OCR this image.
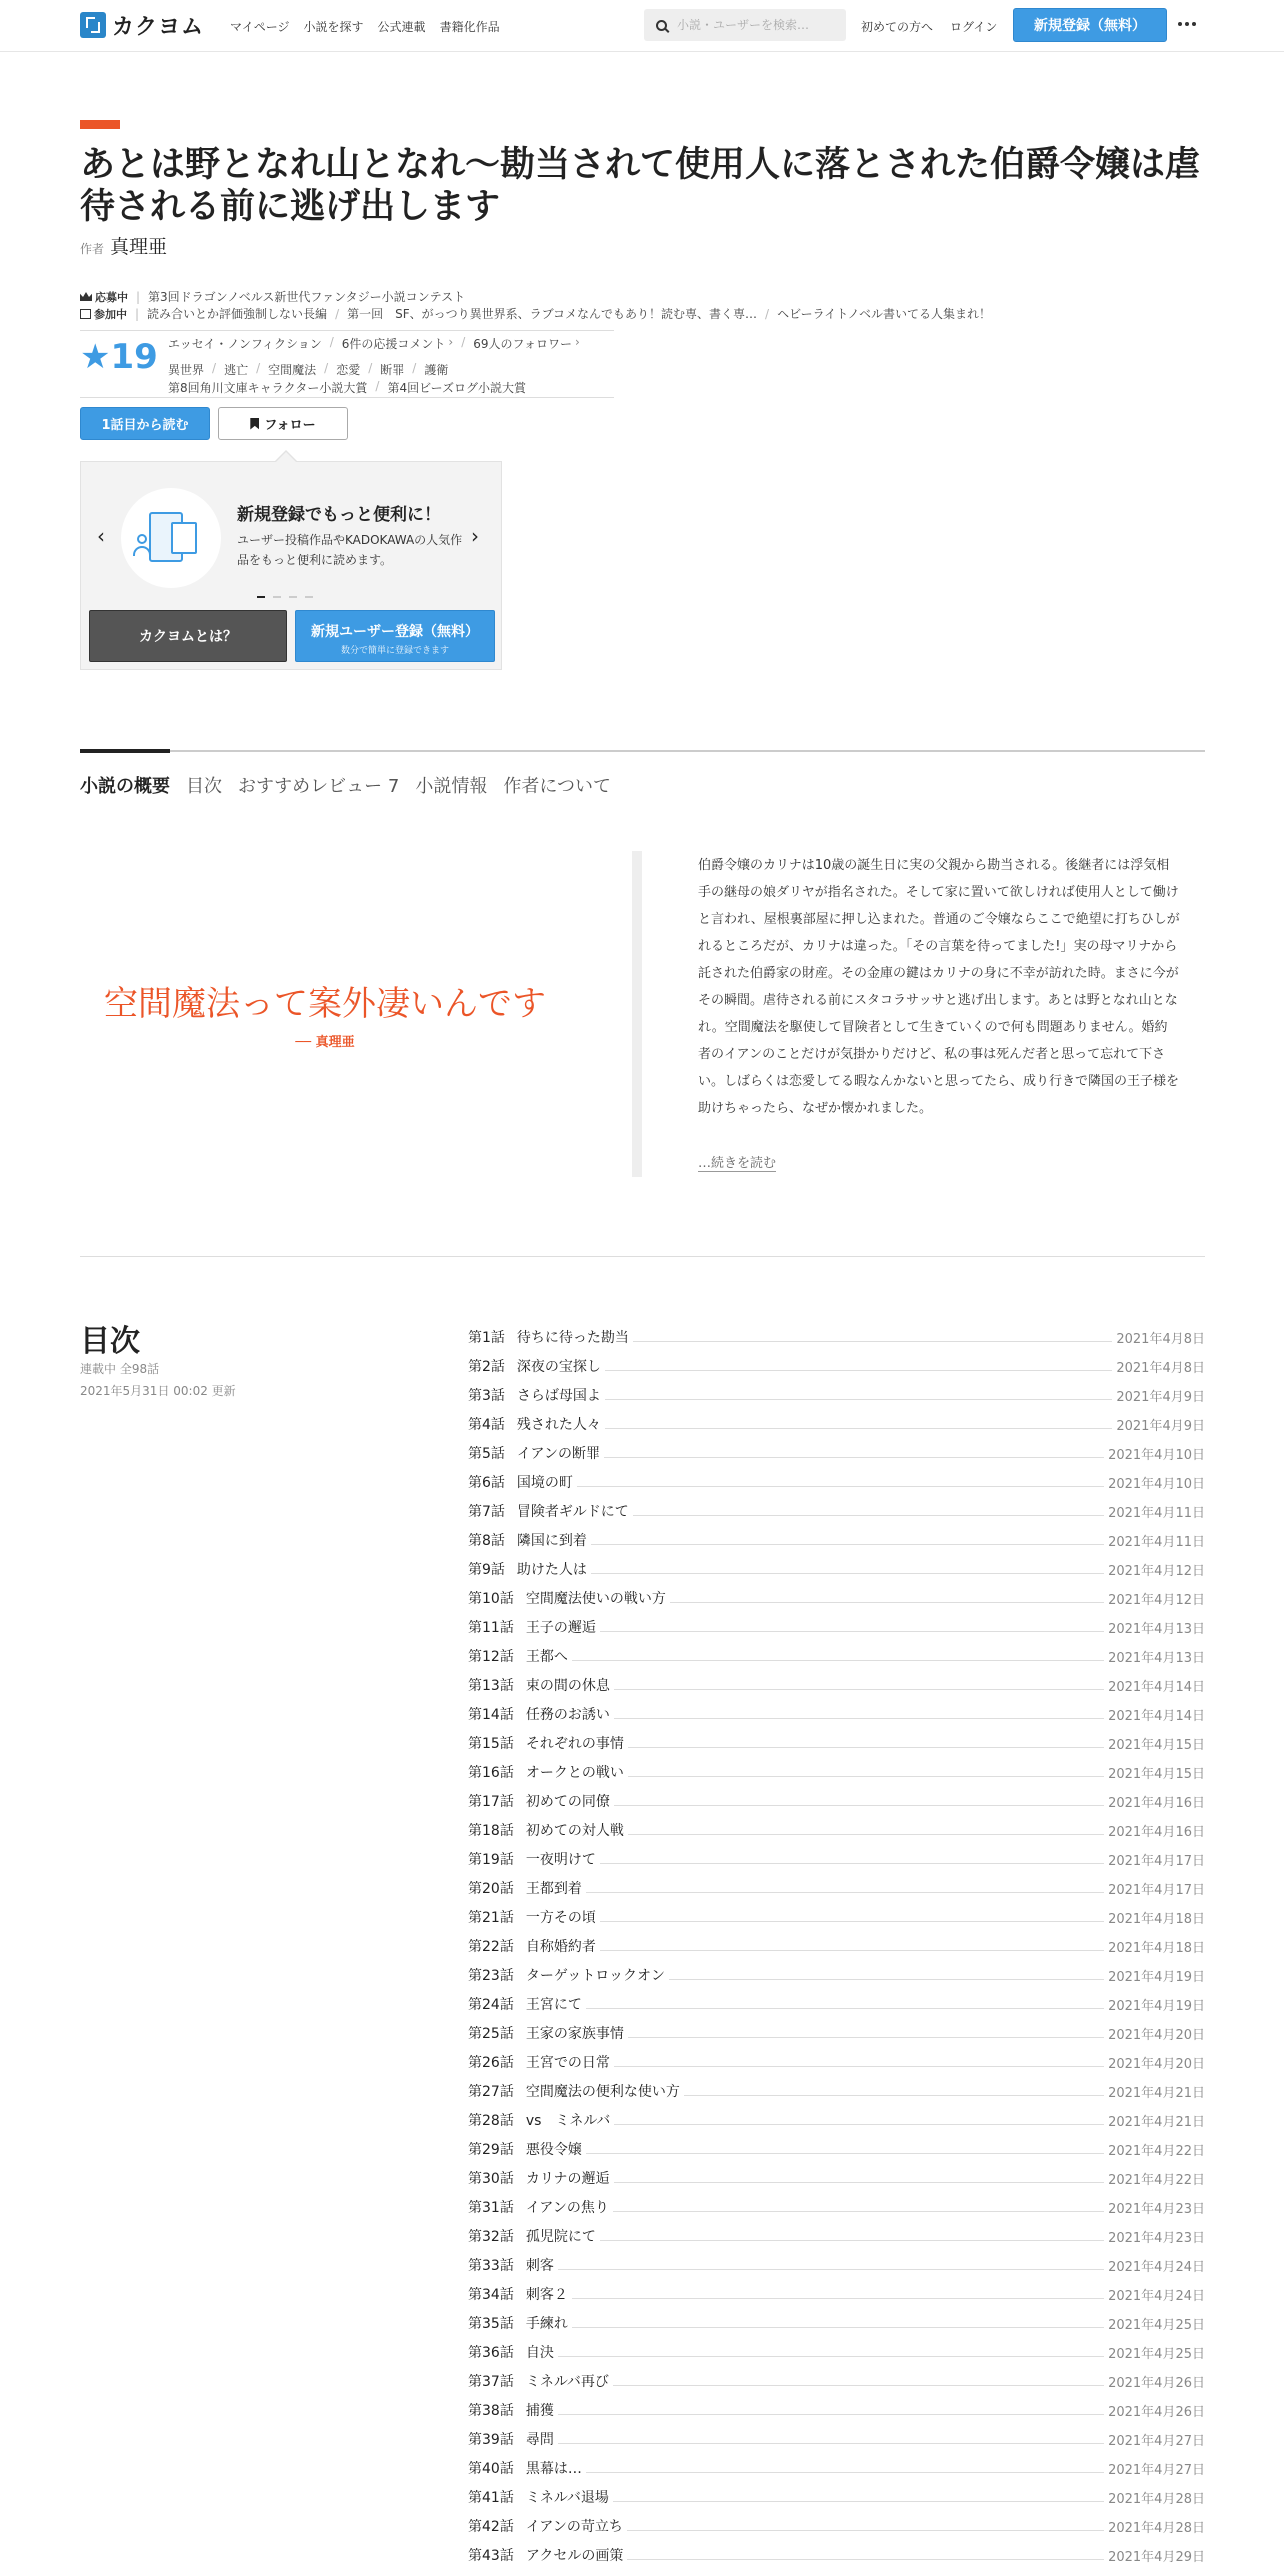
カクヨム マイページ 小説を探す 公式連載 書籍化作品
小説・ユーザーを検索…	初めての方へ ログイン	新規登録（無料）
あとは野となれ山となれ～勘当されて使用人に落とされた伯爵令嬢は虐待される前に逃げ出します
作者 真理亜
応募中 | 第3回ドラゴンノベルス新世代ファンタジー小説コンテスト
参加中 | 読み合いとか評価強制しない長編 / 第一回　SF、がっつり異世界系、ラブコメなんでもあり！読む専、書く専… / ヘビーライトノベル書いてる人集まれ！
★19 エッセイ・ノンフィクション / 6件の応援コメント › / 69人のフォロワー ›
異世界 / 逃亡 / 空間魔法 / 恋愛 / 断罪 / 護衛
第8回角川文庫キャラクター小説大賞 / 第4回ビーズログ小説大賞
1話目から読む	フォロー
‹	›
新規登録でもっと便利に！
ユーザー投稿作品やKADOKAWAの人気作品をもっと便利に読めます。
カクヨムとは？	新規ユーザー登録（無料）
数分で簡単に登録できます
小説の概要 目次 おすすめレビュー 7 小説情報 作者について
空間魔法って案外凄いんです
── 真理亜

伯爵令嬢のカリナは10歳の誕生日に実の父親から勘当される。後継者には浮気相手の継母の娘ダリヤが指名された。そして家に置いて欲しければ使用人として働けと言われ、屋根裏部屋に押し込まれた。普通のご令嬢ならここで絶望に打ちひしがれるところだが、カリナは違った。「その言葉を待ってました!」実の母マリナから託された伯爵家の財産。その金庫の鍵はカリナの身に不幸が訪れた時。まさに今がその瞬間。虐待される前にスタコラサッサと逃げ出します。あとは野となれ山となれ。空間魔法を駆使して冒険者として生きていくので何も問題ありません。婚約者のイアンのことだけが気掛かりだけど、私の事は死んだ者と思って忘れて下さい。しばらくは恋愛してる暇なんかないと思ってたら、成り行きで隣国の王子様を助けちゃったら、なぜか懐かれました。

…続きを読む
目次
連載中 全98話
2021年5月31日 00:02 更新
第1話 待ちに待った勘当	2021年4月8日
第2話 深夜の宝探し	2021年4月8日
第3話 さらば母国よ	2021年4月9日
第4話 残された人々	2021年4月9日
第5話 イアンの断罪	2021年4月10日
第6話 国境の町	2021年4月10日
第7話 冒険者ギルドにて	2021年4月11日
第8話 隣国に到着	2021年4月11日
第9話 助けた人は	2021年4月12日
第10話 空間魔法使いの戦い方	2021年4月12日
第11話 王子の邂逅	2021年4月13日
第12話 王都へ	2021年4月13日
第13話 束の間の休息	2021年4月14日
第14話 任務のお誘い	2021年4月14日
第15話 それぞれの事情	2021年4月15日
第16話 オークとの戦い	2021年4月15日
第17話 初めての同僚	2021年4月16日
第18話 初めての対人戦	2021年4月16日
第19話 一夜明けて	2021年4月17日
第20話 王都到着	2021年4月17日
第21話 一方その頃	2021年4月18日
第22話 自称婚約者	2021年4月18日
第23話 ターゲットロックオン	2021年4月19日
第24話 王宮にて	2021年4月19日
第25話 王家の家族事情	2021年4月20日
第26話 王宮での日常	2021年4月20日
第27話 空間魔法の便利な使い方	2021年4月21日
第28話 vs　ミネルバ	2021年4月21日
第29話 悪役令嬢	2021年4月22日
第30話 カリナの邂逅	2021年4月22日
第31話 イアンの焦り	2021年4月23日
第32話 孤児院にて	2021年4月23日
第33話 刺客	2021年4月24日
第34話 刺客２	2021年4月24日
第35話 手練れ	2021年4月25日
第36話 自決	2021年4月25日
第37話 ミネルバ再び	2021年4月26日
第38話 捕獲	2021年4月26日
第39話 尋問	2021年4月27日
第40話 黒幕は…	2021年4月27日
第41話 ミネルバ退場	2021年4月28日
第42話 イアンの苛立ち	2021年4月28日
第43話 アクセルの画策	2021年4月29日
